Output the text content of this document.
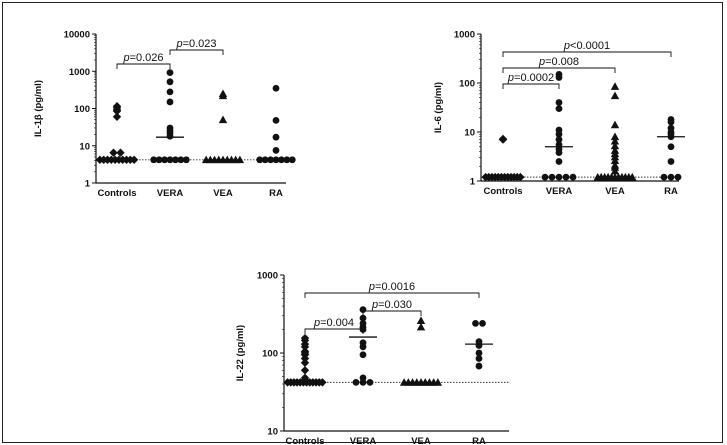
1
10
100
1000
10000
IL-1β (pg/ml)
Controls VERA	VEA	RA
p=0.026
p=0.023
1
10
100
1000
IL-6 (pg/ml)
Controls VERA	VEA	RA
p=0.0002
p=0.008
p<0.0001
10
100
1000
IL-22 (pg/ml)
Controls	VERA	VEA	RA
p=0.004
p=0.030
p=0.0016
